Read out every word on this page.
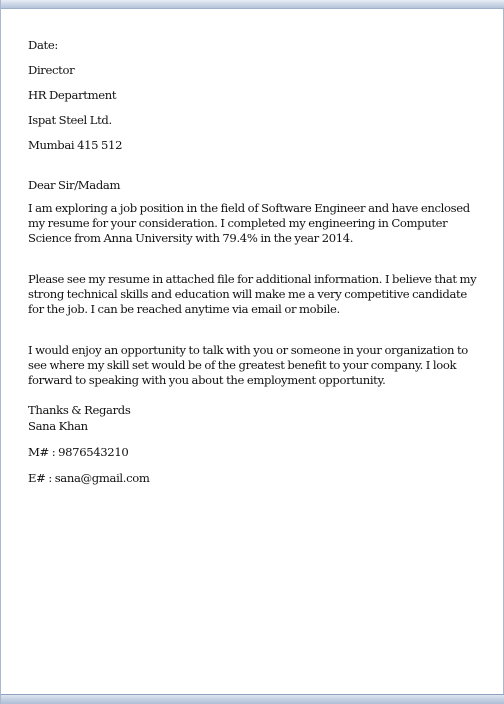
Date:
Director
HR Department
Ispat Steel Ltd.
Mumbai 415 512
Dear Sir/Madam
I am exploring a job position in the field of Software Engineer and have enclosed my resume for your consideration. I completed my engineering in Computer Science from Anna University with 79.4% in the year 2014.
Please see my resume in attached file for additional information. I believe that my strong technical skills and education will make me a very competitive candidate for the job. I can be reached anytime via email or mobile.
I would enjoy an opportunity to talk with you or someone in your organization to see where my skill set would be of the greatest benefit to your company. I look forward to speaking with you about the employment opportunity.
Thanks & Regards
Sana Khan
M# : 9876543210
E# : sana@gmail.com
